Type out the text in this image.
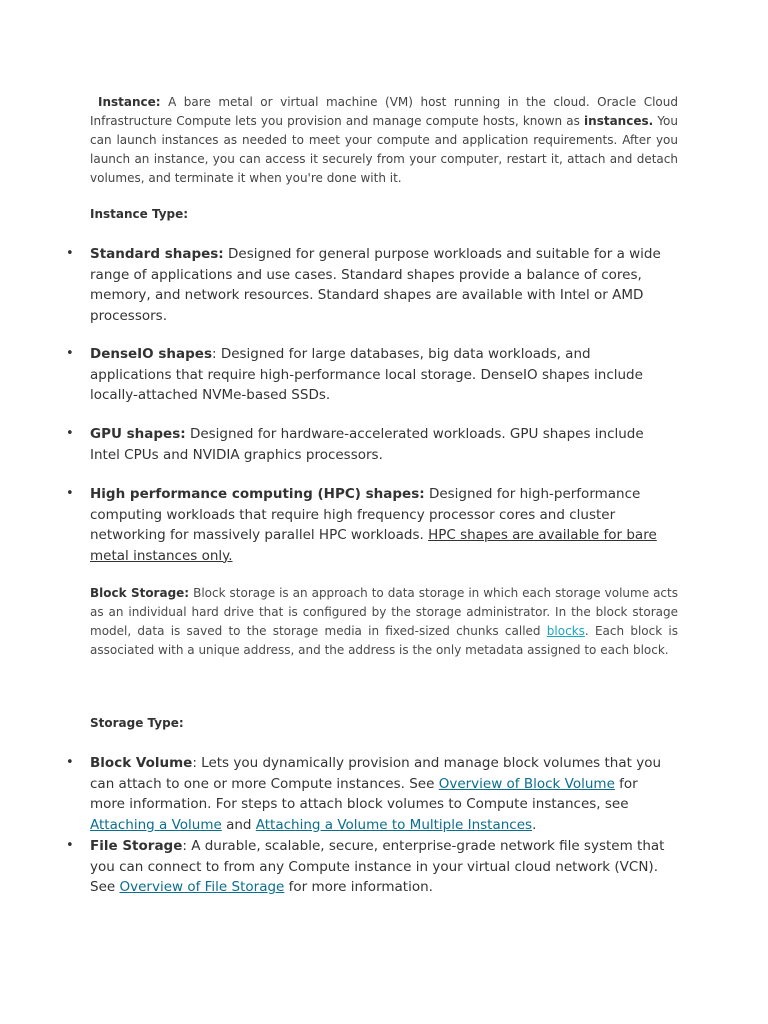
Instance: A bare metal or virtual machine (VM) host running in the cloud. Oracle Cloud Infrastructure Compute lets you provision and manage compute hosts, known as instances. You can launch instances as needed to meet your compute and application requirements. After you launch an instance, you can access it securely from your computer, restart it, attach and detach volumes, and terminate it when you're done with it.

Instance Type:
• Standard shapes: Designed for general purpose workloads and suitable for a wide range of applications and use cases. Standard shapes provide a balance of cores, memory, and network resources. Standard shapes are available with Intel or AMD processors.
• DenseIO shapes: Designed for large databases, big data workloads, and applications that require high-performance local storage. DenseIO shapes include locally-attached NVMe-based SSDs.
• GPU shapes: Designed for hardware-accelerated workloads. GPU shapes include Intel CPUs and NVIDIA graphics processors.
• High performance computing (HPC) shapes: Designed for high-performance computing workloads that require high frequency processor cores and cluster networking for massively parallel HPC workloads. HPC shapes are available for bare metal instances only.

Block Storage: Block storage is an approach to data storage in which each storage volume acts as an individual hard drive that is configured by the storage administrator. In the block storage model, data is saved to the storage media in fixed-sized chunks called blocks. Each block is associated with a unique address, and the address is the only metadata assigned to each block.

Storage Type:
• Block Volume: Lets you dynamically provision and manage block volumes that you can attach to one or more Compute instances. See Overview of Block Volume for more information. For steps to attach block volumes to Compute instances, see Attaching a Volume and Attaching a Volume to Multiple Instances.
• File Storage: A durable, scalable, secure, enterprise-grade network file system that you can connect to from any Compute instance in your virtual cloud network (VCN).
See Overview of File Storage for more information.
